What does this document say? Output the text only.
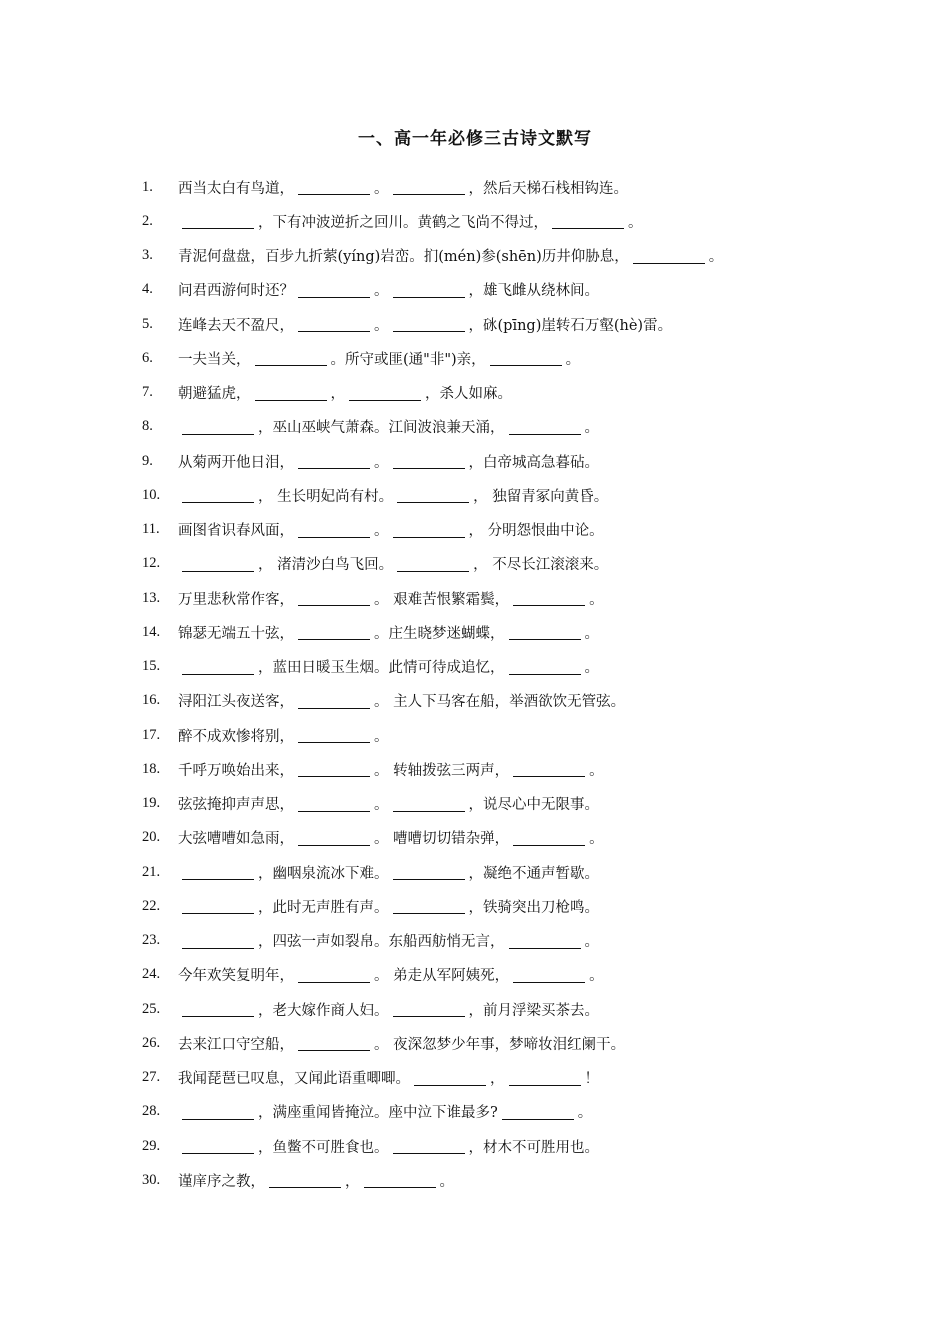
一、高一年必修三古诗文默写
1.	西当太白有鸟道，	。	，然后天梯石栈相钩连。
2.	，下有冲波逆折之回川。黄鹤之飞尚不得过，	。
3.	青泥何盘盘，百步九折萦(yíng)岩峦。扪(mén)参(shēn)历井仰胁息，	。
4.	问君西游何时还？	。	，雄飞雌从绕林间。
5.	连峰去天不盈尺，	。	，砯(pīng)崖转石万壑(hè)雷。
6.	一夫当关，	。所守或匪(通"非")亲，	。
7.	朝避猛虎，	，	，杀人如麻。
8.	，巫山巫峡气萧森。江间波浪兼天涌，	。
9.	从菊两开他日泪，	。	，白帝城高急暮砧。
10.	， 生长明妃尚有村。	， 独留青冢向黄昏。
11.	画图省识春风面，	。	， 分明怨恨曲中论。
12.	， 渚清沙白鸟飞回。	， 不尽长江滚滚来。
13.	万里悲秋常作客，	。 艰难苦恨繁霜鬓，	。
14.	锦瑟无端五十弦，	。庄生晓梦迷蝴蝶，	。
15.	，蓝田日暖玉生烟。此情可待成追忆，	。
16.	浔阳江头夜送客，	。 主人下马客在船，举酒欲饮无管弦。
17.	醉不成欢惨将别，	。
18.	千呼万唤始出来，	。 转轴拨弦三两声，	。
19.	弦弦掩抑声声思，	。	，说尽心中无限事。
20.	大弦嘈嘈如急雨，	。 嘈嘈切切错杂弹，	。
21.	，幽咽泉流冰下难。	，凝绝不通声暂歇。
22.	，此时无声胜有声。	，铁骑突出刀枪鸣。
23.	，四弦一声如裂帛。东船西舫悄无言，	。
24.	今年欢笑复明年，	。 弟走从军阿姨死，	。
25.	，老大嫁作商人妇。	，前月浮梁买茶去。
26.	去来江口守空船，	。 夜深忽梦少年事，梦啼妆泪红阑干。
27.	我闻琵琶已叹息，又闻此语重唧唧。	，	！
28.	，满座重闻皆掩泣。座中泣下谁最多?	。
29.	，鱼鳖不可胜食也。	，材木不可胜用也。
30.	谨庠序之教，	，	。
